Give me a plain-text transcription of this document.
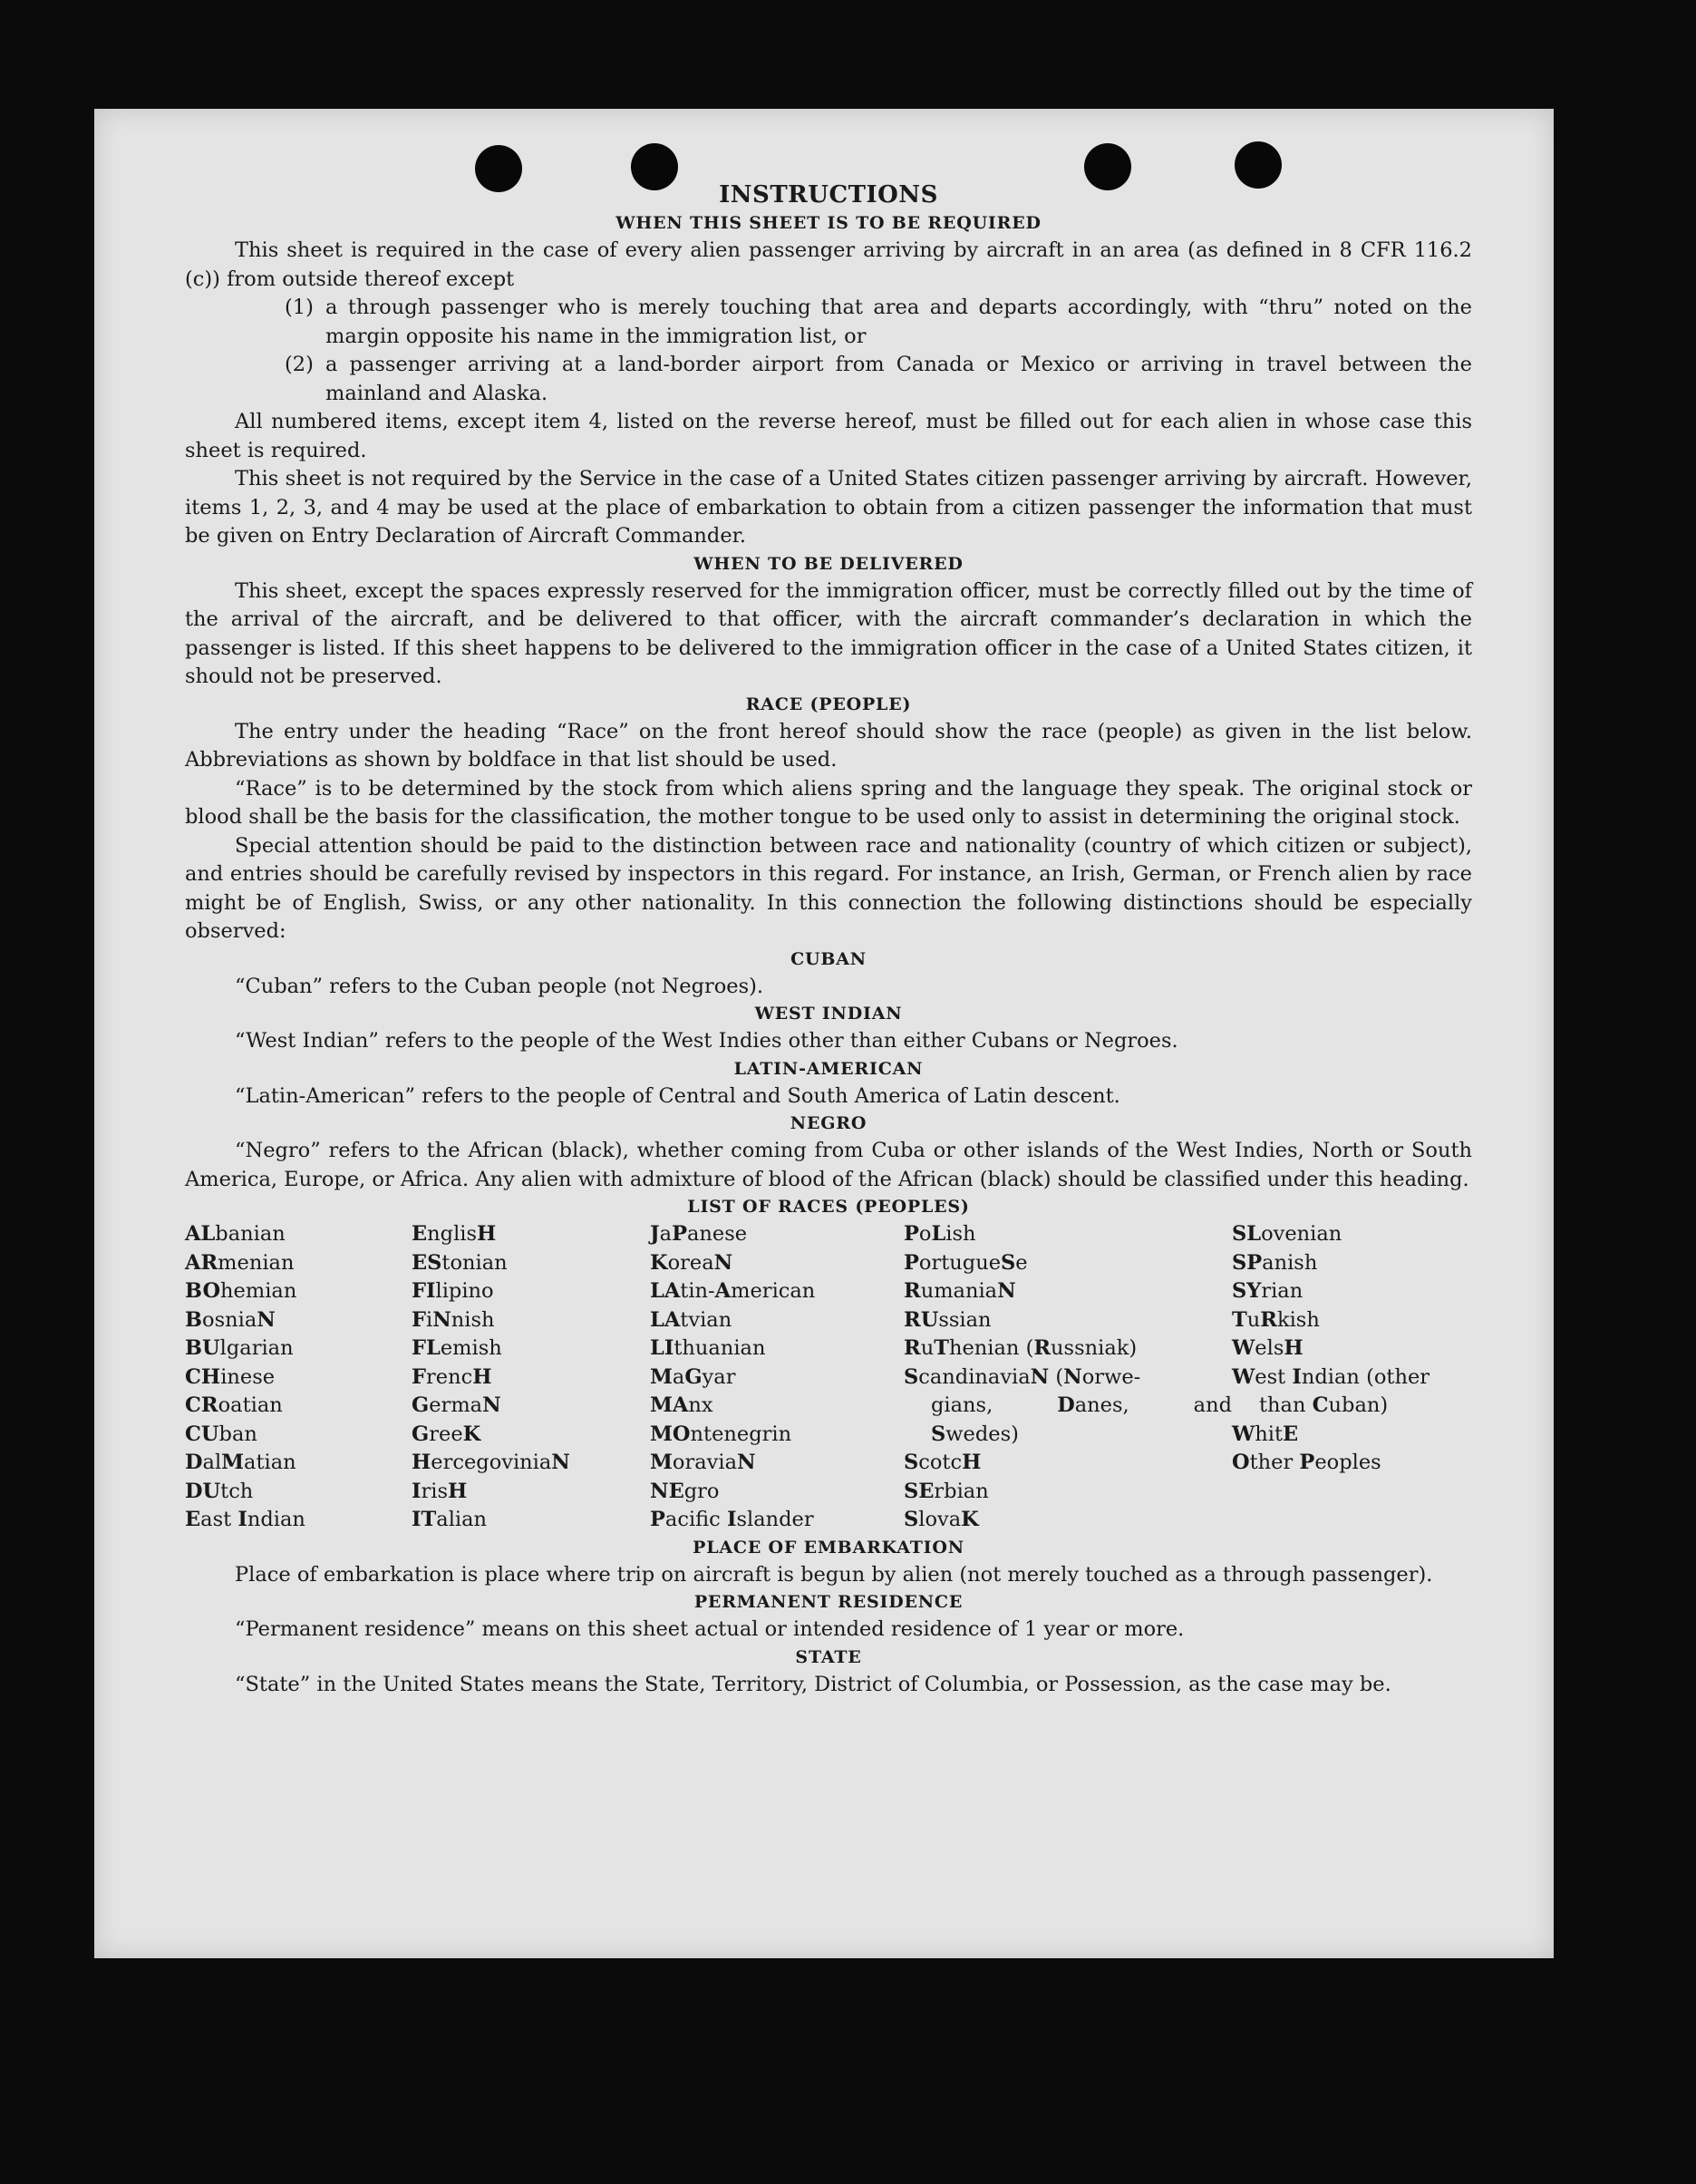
INSTRUCTIONS
WHEN THIS SHEET IS TO BE REQUIRED

This sheet is required in the case of every alien passenger arriving by aircraft in an area (as defined in 8 CFR 116.2 (c)) from outside thereof except

(1) a through passenger who is merely touching that area and departs accordingly, with “thru” noted on the margin opposite his name in the immigration list, or
(2) a passenger arriving at a land-border airport from Canada or Mexico or arriving in travel between the mainland and Alaska.

All numbered items, except item 4, listed on the reverse hereof, must be filled out for each alien in whose case this sheet is required.

This sheet is not required by the Service in the case of a United States citizen passenger arriving by aircraft. However, items 1, 2, 3, and 4 may be used at the place of embarkation to obtain from a citizen passenger the information that must be given on Entry Declaration of Aircraft Commander.

WHEN TO BE DELIVERED

This sheet, except the spaces expressly reserved for the immigration officer, must be correctly filled out by the time of the arrival of the aircraft, and be delivered to that officer, with the aircraft commander’s declaration in which the passenger is listed. If this sheet happens to be delivered to the immigration officer in the case of a United States citizen, it should not be preserved.

RACE (PEOPLE)

The entry under the heading “Race” on the front hereof should show the race (people) as given in the list below. Abbreviations as shown by boldface in that list should be used.

“Race” is to be determined by the stock from which aliens spring and the language they speak. The original stock or blood shall be the basis for the classification, the mother tongue to be used only to assist in determining the original stock.

Special attention should be paid to the distinction between race and nationality (country of which citizen or subject), and entries should be carefully revised by inspectors in this regard. For instance, an Irish, German, or French alien by race might be of English, Swiss, or any other nationality. In this connection the following distinctions should be especially observed:

CUBAN

“Cuban” refers to the Cuban people (not Negroes).

WEST INDIAN

“West Indian” refers to the people of the West Indies other than either Cubans or Negroes.

LATIN-AMERICAN

“Latin-American” refers to the people of Central and South America of Latin descent.

NEGRO

“Negro” refers to the African (black), whether coming from Cuba or other islands of the West Indies, North or South America, Europe, or Africa. Any alien with admixture of blood of the African (black) should be classified under this heading.

LIST OF RACES (PEOPLES)
ALbanian
ARmenian
BOhemian
BosniaN
BUlgarian
CHinese
CRoatian
CUban
DalMatian
DUtch
East Indian
EnglisH
EStonian
FIlipino
FiNnish
FLemish
FrencH
GermaN
GreeK
HercegoviniaN
IrisH
ITalian
JaPanese
KoreaN
LAtin-American
LAtvian
LIthuanian
MaGyar
MAnx
MOntenegrin
MoraviaN
NEgro
Pacifc Islander
PoLish
PortugueSe
RumaniaN
RUssian
RuThenian (Russniak)
ScandinaviaN (Norwe-
gians,	Danes,	and
Swedes)
ScotcH
SErbian
SlovaK
SLovenian
SPanish
SYrian
TuRkish
WelsH
West Indian (other
than Cuban)
WhitE
Other Peoples
PLACE OF EMBARKATION

Place of embarkation is place where trip on aircraft is begun by alien (not merely touched as a through passenger).

PERMANENT RESIDENCE

“Permanent residence” means on this sheet actual or intended residence of 1 year or more.

STATE

“State” in the United States means the State, Territory, District of Columbia, or Possession, as the case may be.
